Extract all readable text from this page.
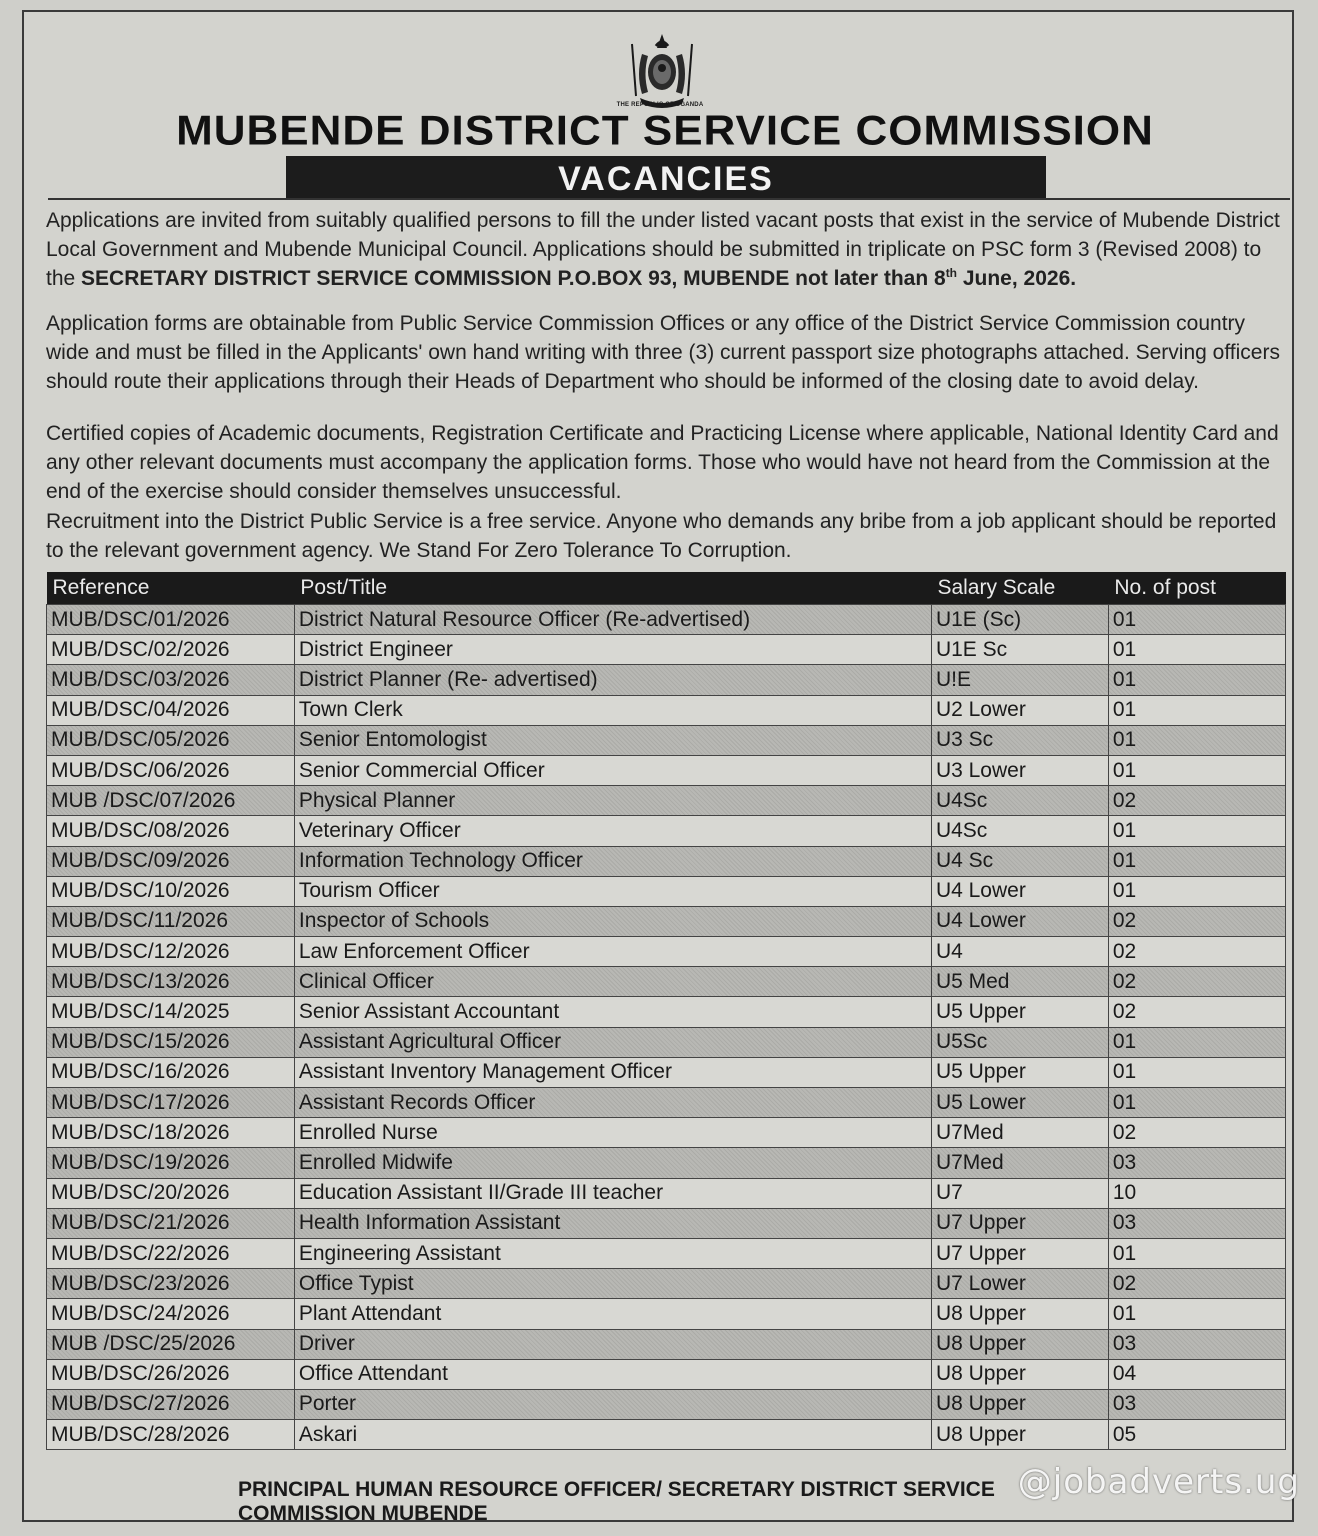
THE REPUBLIC OF UGANDA
MUBENDE DISTRICT SERVICE COMMISSION
VACANCIES
Applications are invited from suitably qualified persons to fill the under listed vacant posts that exist in the service of Mubende District Local Government and Mubende Municipal Council. Applications should be submitted in triplicate on PSC form 3 (Revised 2008) to the SECRETARY DISTRICT SERVICE COMMISSION P.O.BOX 93, MUBENDE not later than 8th June, 2026.
Application forms are obtainable from Public Service Commission Offices or any office of the District Service Commission country wide and must be filled in the Applicants' own hand writing with three (3) current passport size photographs attached. Serving officers should route their applications through their Heads of Department who should be informed of the closing date to avoid delay.
Certified copies of Academic documents, Registration Certificate and Practicing License where applicable, National Identity Card and any other relevant documents must accompany the application forms. Those who would have not heard from the Commission at the end of the exercise should consider themselves unsuccessful.
Recruitment into the District Public Service is a free service. Anyone who demands any bribe from a job applicant should be reported to the relevant government agency. We Stand For Zero Tolerance To Corruption.
Reference	Post/Title	Salary Scale	No. of post
MUB/DSC/01/2026	District Natural Resource Officer (Re-advertised)	U1E (Sc)	01
MUB/DSC/02/2026	District Engineer	U1E Sc	01
MUB/DSC/03/2026	District Planner (Re- advertised)	U!E	01
MUB/DSC/04/2026	Town Clerk	U2 Lower	01
MUB/DSC/05/2026	Senior Entomologist	U3 Sc	01
MUB/DSC/06/2026	Senior Commercial Officer	U3 Lower	01
MUB /DSC/07/2026	Physical Planner	U4Sc	02
MUB/DSC/08/2026	Veterinary Officer	U4Sc	01
MUB/DSC/09/2026	Information Technology Officer	U4 Sc	01
MUB/DSC/10/2026	Tourism Officer	U4 Lower	01
MUB/DSC/11/2026	Inspector of Schools	U4 Lower	02
MUB/DSC/12/2026	Law Enforcement Officer	U4	02
MUB/DSC/13/2026	Clinical Officer	U5 Med	02
MUB/DSC/14/2025	Senior Assistant Accountant	U5 Upper	02
MUB/DSC/15/2026	Assistant Agricultural Officer	U5Sc	01
MUB/DSC/16/2026	Assistant Inventory Management Officer	U5 Upper	01
MUB/DSC/17/2026	Assistant Records Officer	U5 Lower	01
MUB/DSC/18/2026	Enrolled Nurse	U7Med	02
MUB/DSC/19/2026	Enrolled Midwife	U7Med	03
MUB/DSC/20/2026	Education Assistant II/Grade III teacher	U7	10
MUB/DSC/21/2026	Health Information Assistant	U7 Upper	03
MUB/DSC/22/2026	Engineering Assistant	U7 Upper	01
MUB/DSC/23/2026	Office Typist	U7 Lower	02
MUB/DSC/24/2026	Plant Attendant	U8 Upper	01
MUB /DSC/25/2026	Driver	U8 Upper	03
MUB/DSC/26/2026	Office Attendant	U8 Upper	04
MUB/DSC/27/2026	Porter	U8 Upper	03
MUB/DSC/28/2026	Askari	U8 Upper	05
PRINCIPAL HUMAN RESOURCE OFFICER/ SECRETARY DISTRICT SERVICE COMMISSION MUBENDE
@jobadverts.ug
